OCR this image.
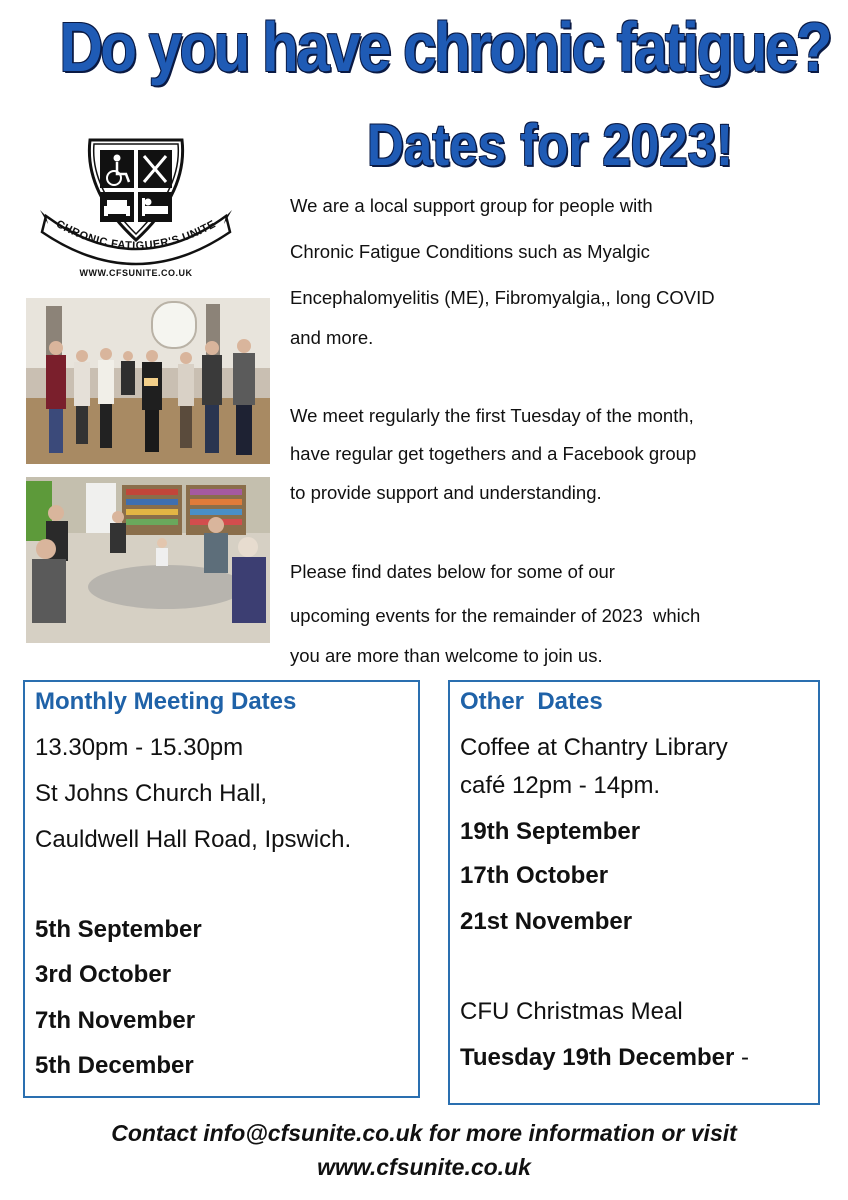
Do you have chronic fatigue?
Dates for 2023!
CHRONIC FATIGUER'S UNITE
WWW.CFSUNITE.CO.UK

We are a local support group for people with

Chronic Fatigue Conditions such as Myalgic

Encephalomyelitis (ME), Fibromyalgia,, long COVID

and more.

We meet regularly the first Tuesday of the month,

have regular get togethers and a Facebook group

to provide support and understanding.

Please find dates below for some of our

upcoming events for the remainder of 2023  which

you are more than welcome to join us.

Monthly Meeting Dates
13.30pm - 15.30pm
St Johns Church Hall,
Cauldwell Hall Road, Ipswich.
5th September
3rd October
7th November
5th December
Other  Dates
Coffee at Chantry Library
café 12pm - 14pm.
19th September
17th October
21st November
CFU Christmas Meal
Tuesday 19th December -
Contact info@cfsunite.co.uk for more information or visit
www.cfsunite.co.uk
